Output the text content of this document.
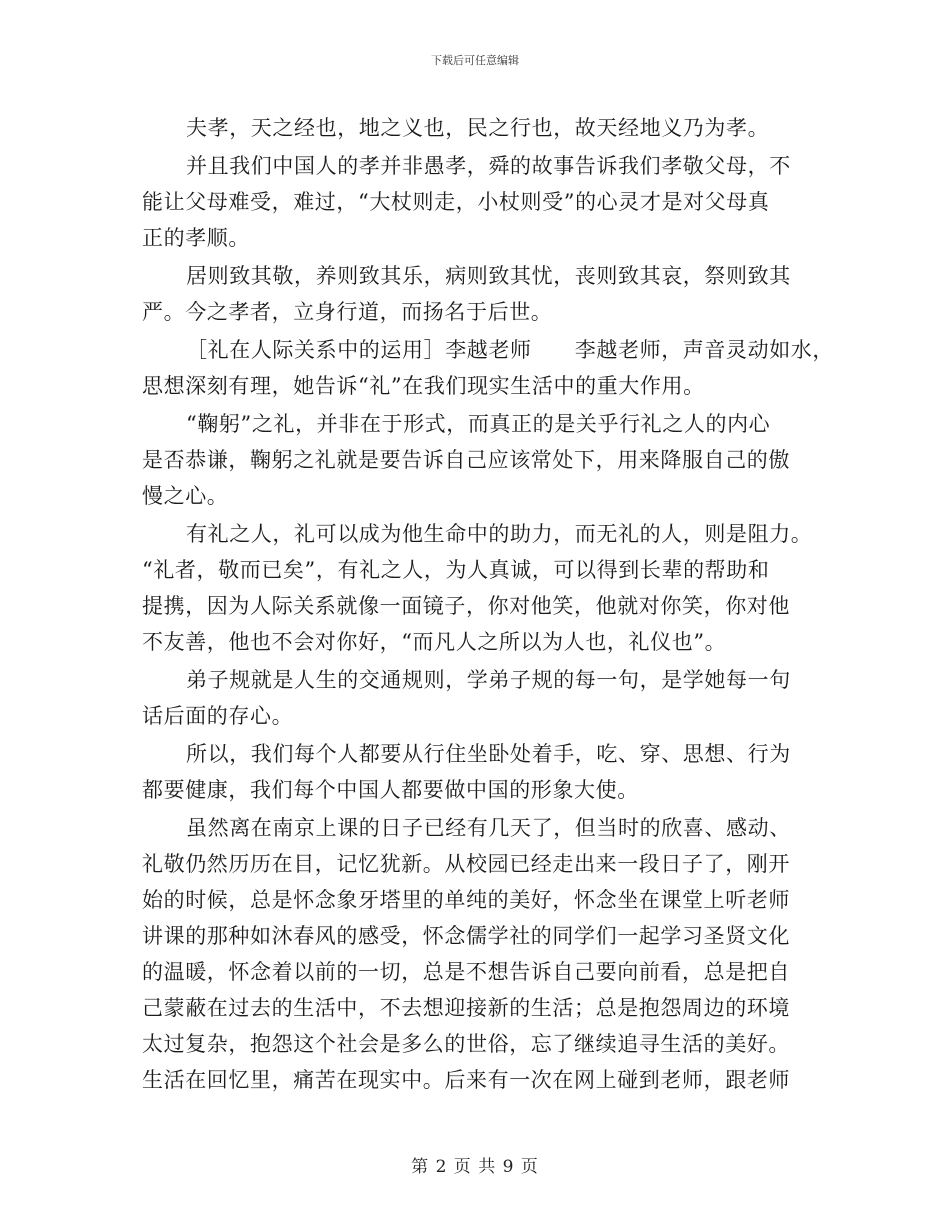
下载后可任意编辑
夫孝，天之经也，地之义也，民之行也，故天经地义乃为孝。
并且我们中国人的孝并非愚孝，舜的故事告诉我们孝敬父母，不
能让父母难受，难过，“大杖则走，小杖则受”的心灵才是对父母真
正的孝顺。
居则致其敬，养则致其乐，病则致其忧，丧则致其哀，祭则致其
严。今之孝者，立身行道，而扬名于后世。
［礼在人际关系中的运用］李越老师　　李越老师，声音灵动如水，
思想深刻有理，她告诉“礼”在我们现实生活中的重大作用。
“鞠躬”之礼，并非在于形式，而真正的是关乎行礼之人的内心
是否恭谦，鞠躬之礼就是要告诉自己应该常处下，用来降服自己的傲
慢之心。
有礼之人，礼可以成为他生命中的助力，而无礼的人，则是阻力。
“礼者，敬而已矣”，有礼之人，为人真诚，可以得到长辈的帮助和
提携，因为人际关系就像一面镜子，你对他笑，他就对你笑，你对他
不友善，他也不会对你好，“而凡人之所以为人也，礼仪也”。
弟子规就是人生的交通规则，学弟子规的每一句，是学她每一句
话后面的存心。
所以，我们每个人都要从行住坐卧处着手，吃、穿、思想、行为
都要健康，我们每个中国人都要做中国的形象大使。
虽然离在南京上课的日子已经有几天了，但当时的欣喜、感动、
礼敬仍然历历在目，记忆犹新。从校园已经走出来一段日子了，刚开
始的时候，总是怀念象牙塔里的单纯的美好，怀念坐在课堂上听老师
讲课的那种如沐春风的感受，怀念儒学社的同学们一起学习圣贤文化
的温暖，怀念着以前的一切，总是不想告诉自己要向前看，总是把自
己蒙蔽在过去的生活中，不去想迎接新的生活；总是抱怨周边的环境
太过复杂，抱怨这个社会是多么的世俗，忘了继续追寻生活的美好。
生活在回忆里，痛苦在现实中。后来有一次在网上碰到老师，跟老师
第 2 页 共 9 页
